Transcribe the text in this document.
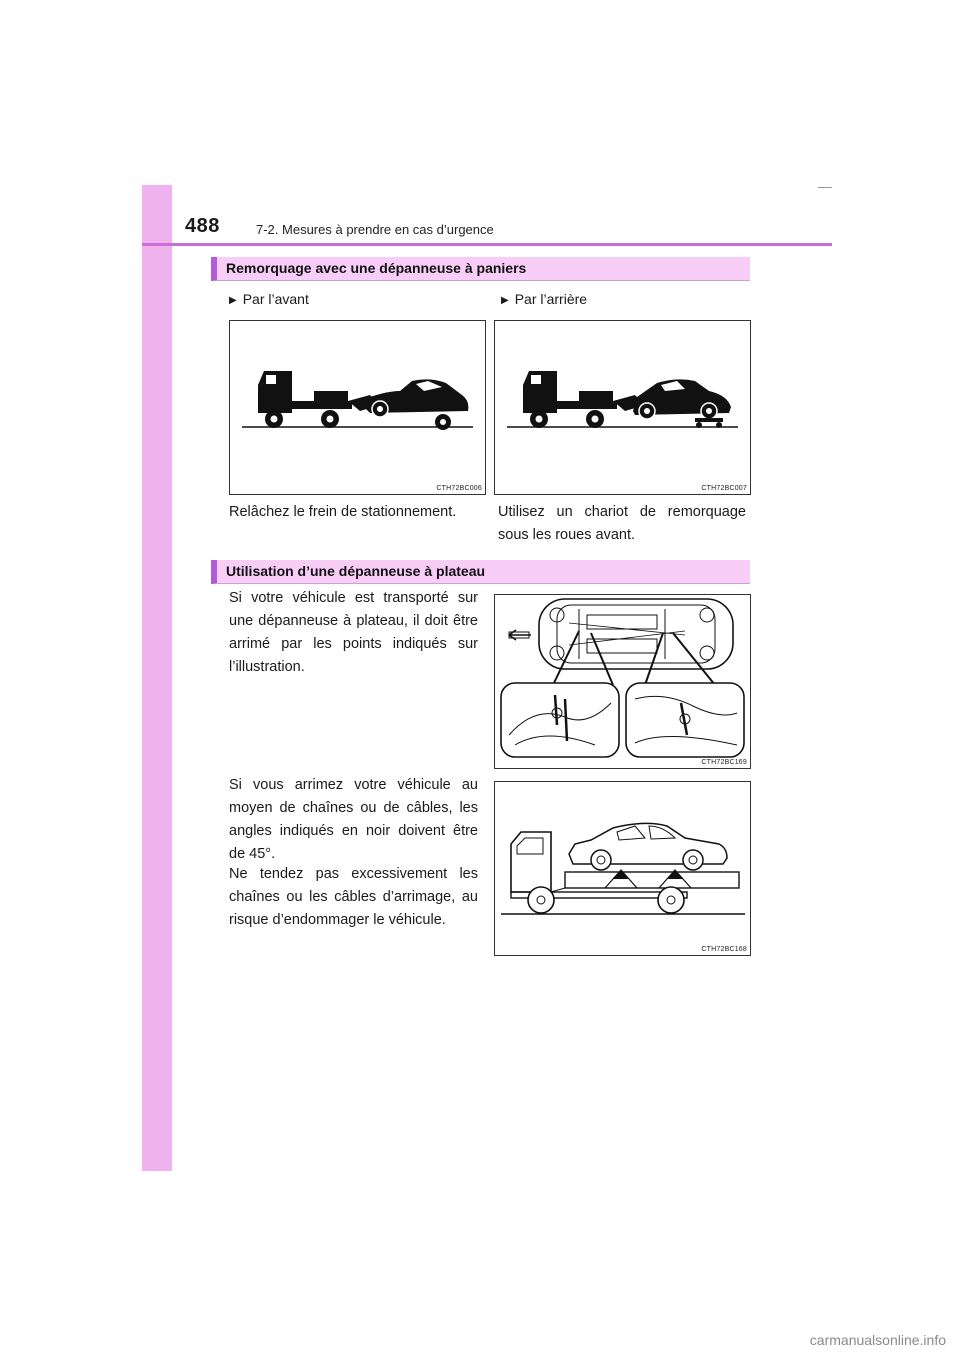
488	7-2. Mesures à prendre en cas d’urgence
Remorquage avec une dépanneuse à paniers
▶ Par l’avant	▶ Par l’arrière
CTH72BC006	CTH72BC007

Relâchez le frein de stationnement.	Utilisez un chariot de remorquage sous les roues avant.

Utilisation d’une dépanneuse à plateau

Si votre véhicule est transporté sur une dépanneuse à plateau, il doit être arrimé par les points indiqués sur l’illustration.

CTH72BC169

Si vous arrimez votre véhicule au moyen de chaînes ou de câbles, les angles indiqués en noir doivent être de 45°.

Ne tendez pas excessivement les chaînes ou les câbles d’arrimage, au risque d’endommager le véhicule.

CTH72BC168
carmanualsonline.info
